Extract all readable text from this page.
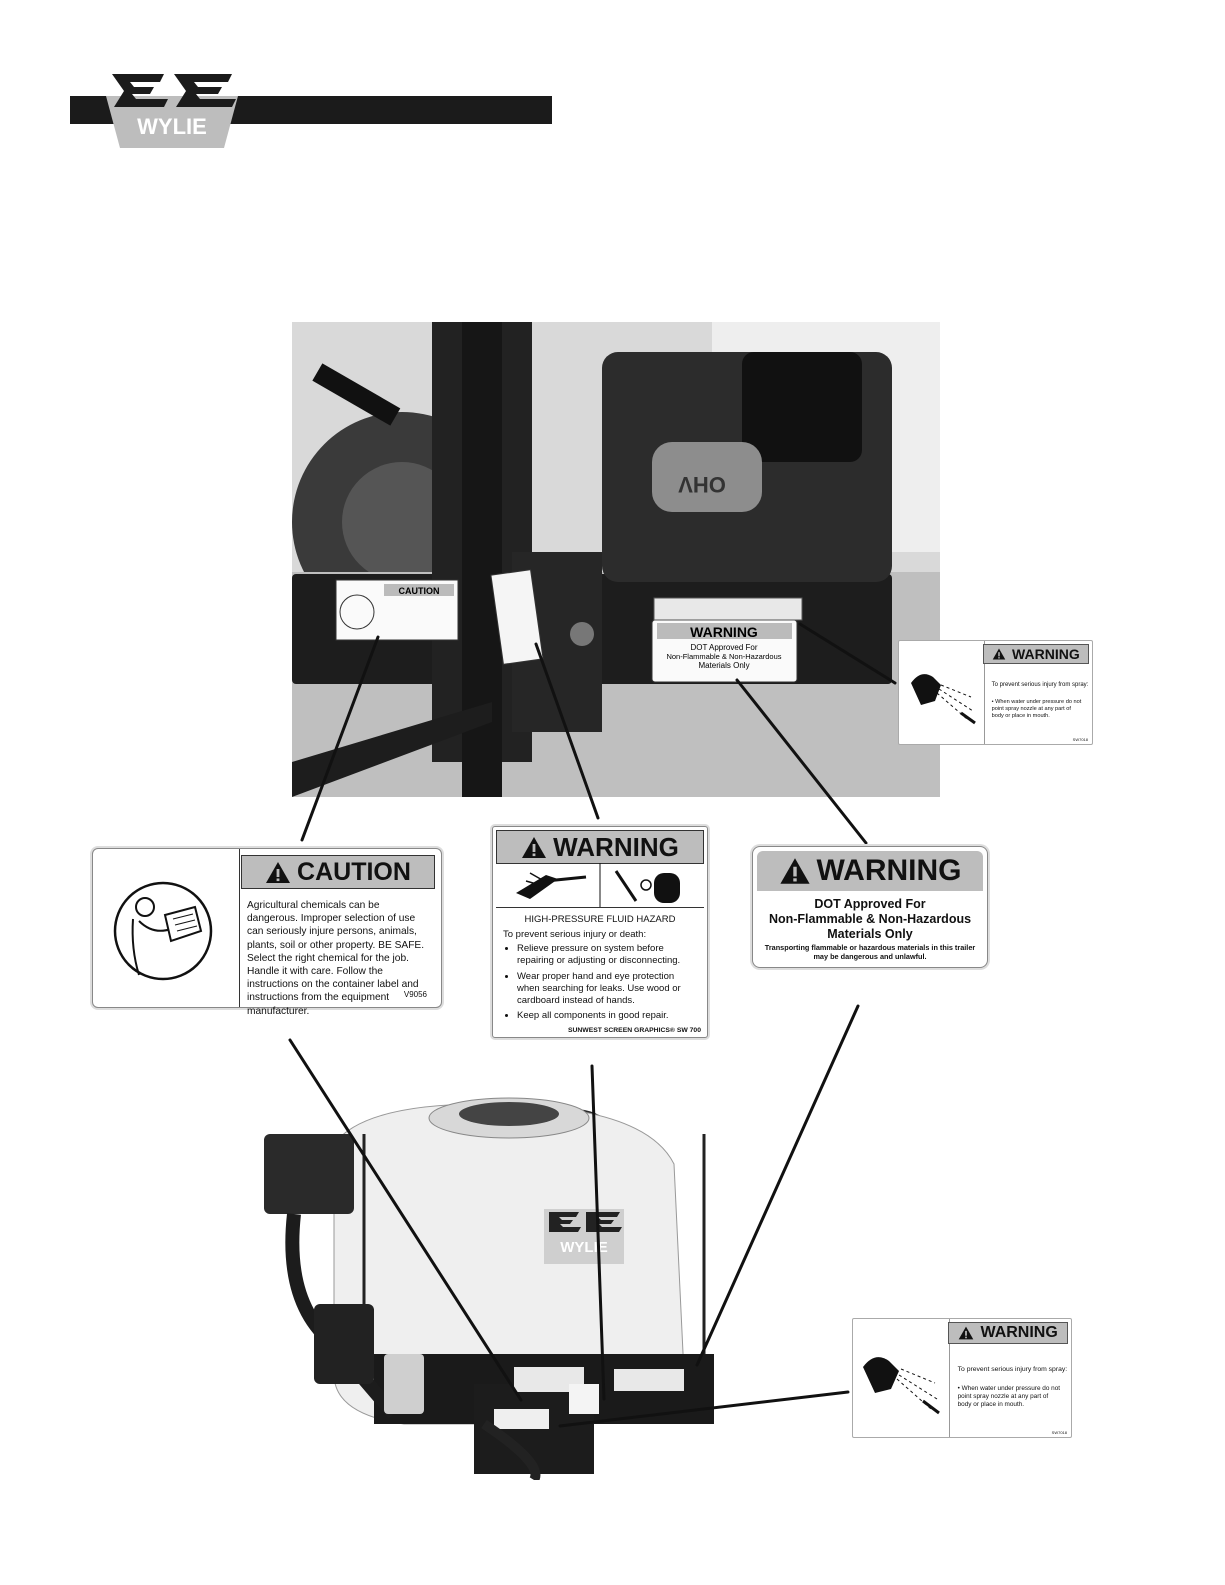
WYLIE
OHV
CAUTION
WARNING
DOT Approved For
Non-Flammable & Non-Hazardous
Materials Only
WYLIE
CAUTION
Agricultural chemicals can be dangerous. Improper selection of use can seriously injure persons, animals, plants, soil or other property. BE SAFE. Select the right chemical for the job. Handle it with care. Follow the instructions on the container label and instructions from the equipment manufacturer.
V9056
WARNING
HIGH-PRESSURE FLUID HAZARD
To prevent serious injury or death:
• Relieve pressure on system before repairing or adjusting or disconnecting.
• Wear proper hand and eye protection when searching for leaks. Use wood or cardboard instead of hands.
• Keep all components in good repair.
SUNWEST SCREEN GRAPHICS® SW 700
WARNING
DOT Approved For
Non-Flammable & Non-Hazardous
Materials Only
Transporting flammable or hazardous materials in this trailer may be dangerous and unlawful.
WARNING
To prevent serious injury from spray:
• When water under pressure do not point spray nozzle at any part of body or place in mouth.
SW7018
WARNING
To prevent serious injury from spray:
• When water under pressure do not point spray nozzle at any part of body or place in mouth.
SW7018
